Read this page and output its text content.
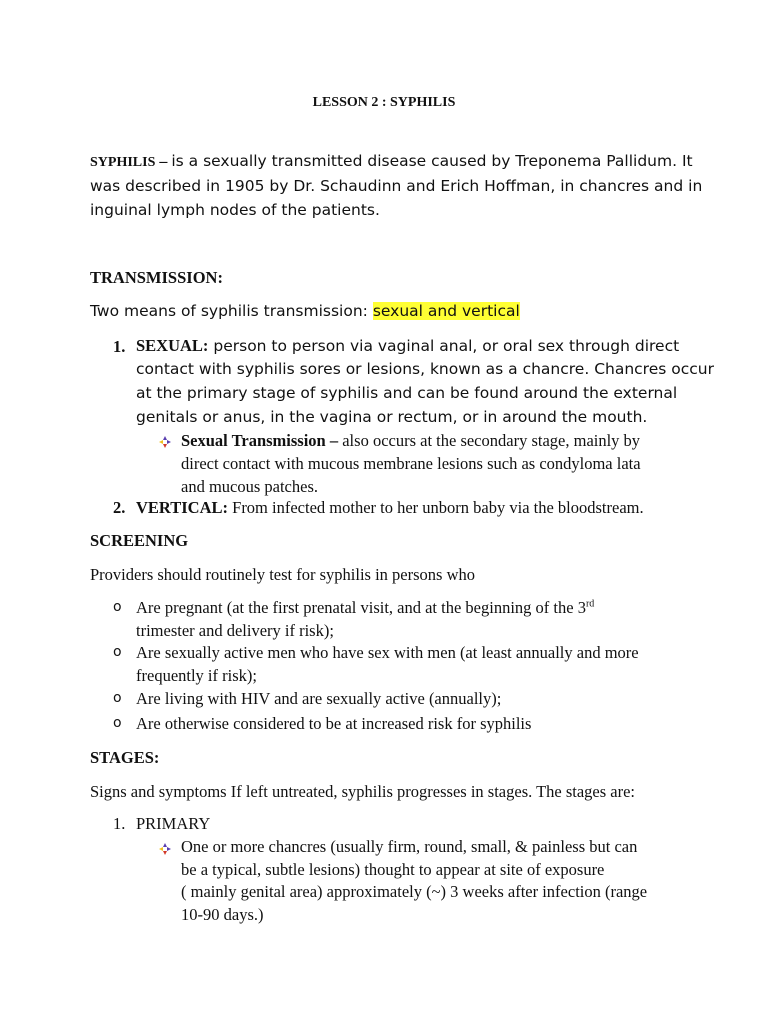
LESSON 2 : SYPHILIS
SYPHILIS – is a sexually transmitted disease caused by Treponema Pallidum. It
was described in 1905 by Dr. Schaudinn and Erich Hoffman, in chancres and in
inguinal lymph nodes of the patients.
TRANSMISSION:
Two means of syphilis transmission: sexual and vertical
1. SEXUAL: person to person via vaginal anal, or oral sex through direct
contact with syphilis sores or lesions, known as a chancre. Chancres occur
at the primary stage of syphilis and can be found around the external
genitals or anus, in the vagina or rectum, or in around the mouth.
Sexual Transmission – also occurs at the secondary stage, mainly by
direct contact with mucous membrane lesions such as condyloma lata
and mucous patches.
2. VERTICAL: From infected mother to her unborn baby via the bloodstream.
SCREENING
Providers should routinely test for syphilis in persons who
o Are pregnant (at the first prenatal visit, and at the beginning of the 3rd
trimester and delivery if risk);
o Are sexually active men who have sex with men (at least annually and more
frequently if risk);
o Are living with HIV and are sexually active (annually);
o Are otherwise considered to be at increased risk for syphilis
STAGES:
Signs and symptoms If left untreated, syphilis progresses in stages. The stages are:
1. PRIMARY
One or more chancres (usually firm, round, small, & painless but can
be a typical, subtle lesions) thought to appear at site of exposure
( mainly genital area) approximately (~) 3 weeks after infection (range
10-90 days.)
